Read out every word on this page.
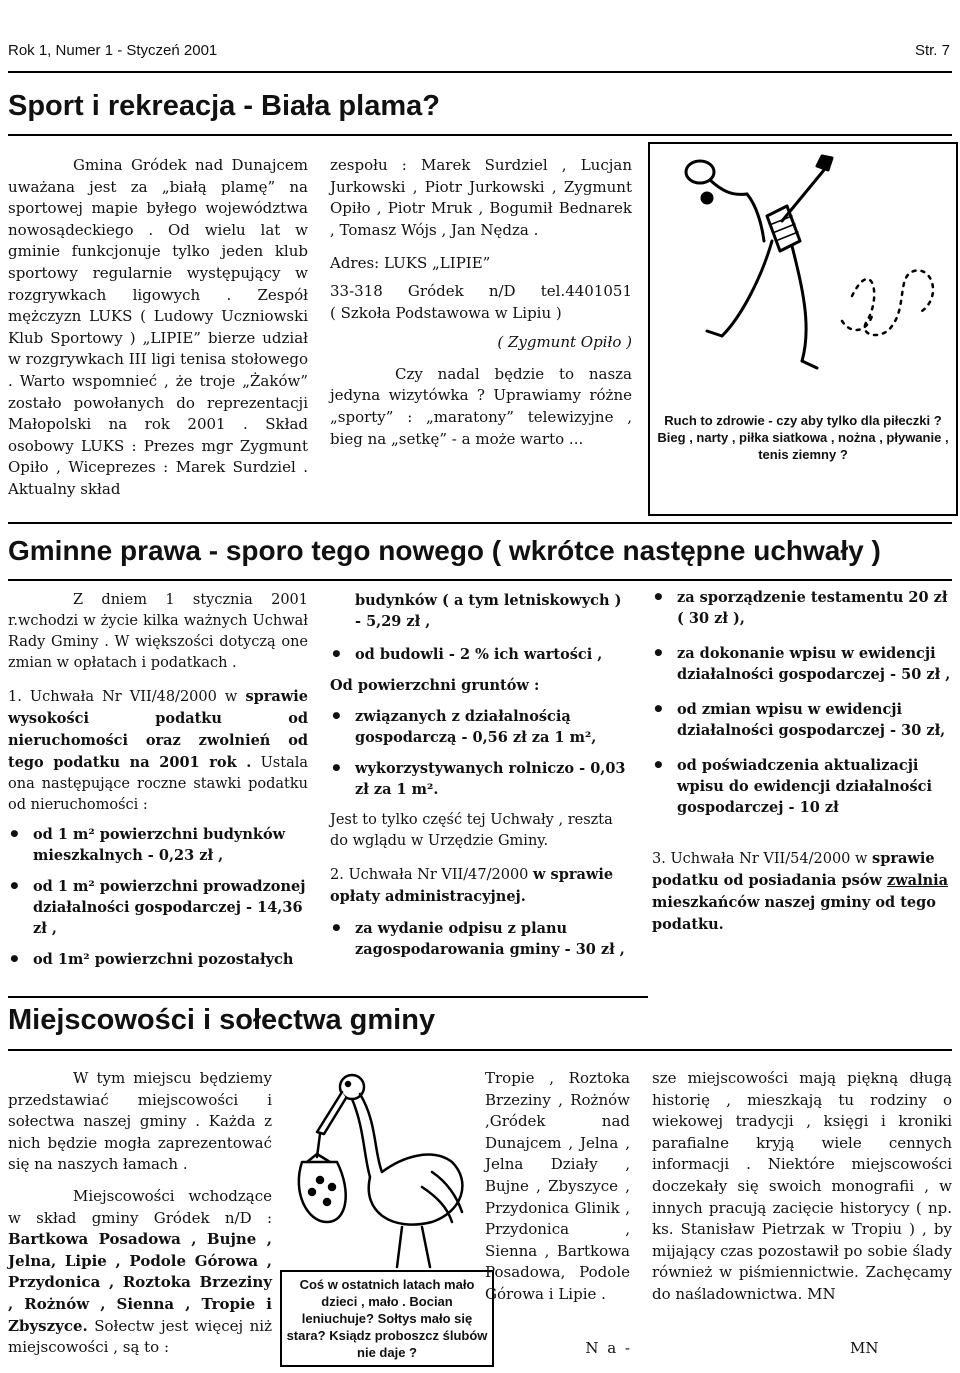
Rok 1, Numer 1 - Styczeń 2001	Str. 7
Sport i rekreacja - Biała plama?
Gmina Gródek nad Dunajcem uważana jest za „białą plamę” na sportowej mapie byłego województwa nowosądeckiego . Od wielu lat w gminie funkcjonuje tylko jeden klub sportowy regularnie występujący w rozgrywkach ligowych . Zespół mężczyzn LUKS ( Ludowy Uczniowski Klub Sportowy ) „LIPIE” bierze udział w rozgrywkach III ligi tenisa stołowego . Warto wspomnieć , że troje „Żaków” zostało powołanych do reprezentacji Małopolski na rok 2001 . Skład osobowy LUKS : Prezes mgr Zygmunt Opiło , Wiceprezes : Marek Surdziel . Aktualny skład

zespołu : Marek Surdziel , Lucjan Jurkowski , Piotr Jurkowski , Zygmunt Opiło , Piotr Mruk , Bogumił Bednarek , Tomasz Wójs , Jan Nędza .

Adres: LUKS „LIPIE”

33-318 Gródek n/D tel.4401051
( Szkoła Podstawowa w Lipiu )
( Zygmunt Opiło )
Czy nadal będzie to nasza jedyna wizytówka ? Uprawiamy różne „sporty” : „maratony” telewizyjne , bieg na „setkę” - a może warto ...
Ruch to zdrowie - czy aby tylko dla piłeczki ? Bieg , narty , piłka siatkowa , nożna , pływanie , tenis ziemny ?
Gminne prawa - sporo tego nowego ( wkrótce następne uchwały )

Z dniem 1 stycznia 2001 r.wchodzi w życie kilka ważnych Uchwał Rady Gminy . W większości dotyczą one zmian w opłatach i podatkach .

1. Uchwała Nr VII/48/2000 w sprawie wysokości podatku od nieruchomości oraz zwolnień od tego podatku na 2001 rok . Ustala ona następujące roczne stawki podatku od nieruchomości :

• od 1 m² powierzchni budynków mieszkalnych - 0,23 zł ,
• od 1 m² powierzchni prowadzonej działalności gospodarczej - 14,36 zł ,
• od 1m² powierzchni pozostałych
budynków ( a tym letniskowych ) - 5,29 zł ,
• od budowli - 2 % ich wartości ,

Od powierzchni gruntów :

• związanych z działalnością gospodarczą - 0,56 zł za 1 m²,
• wykorzystywanych rolniczo - 0,03 zł za 1 m².

Jest to tylko część tej Uchwały , reszta do wglądu w Urzędzie Gminy.

2. Uchwała Nr VII/47/2000 w sprawie opłaty administracyjnej.

• za wydanie odpisu z planu zagospodarowania gminy - 30 zł ,
• za sporządzenie testamentu 20 zł ( 30 zł ),
• za dokonanie wpisu w ewidencji działalności gospodarczej - 50 zł ,
• od zmian wpisu w ewidencji działalności gospodarczej - 30 zł,
• od poświadczenia aktualizacji wpisu do ewidencji działalności gospodarczej - 10 zł

3. Uchwała Nr VII/54/2000 w sprawie podatku od posiadania psów zwalnia mieszkańców naszej gminy od tego podatku.

Miejscowości i sołectwa gminy

W tym miejscu będziemy przedstawiać miejscowości i sołectwa naszej gminy . Każda z nich będzie mogła zaprezentować się na naszych łamach .

Miejscowości wchodzące w skład gminy Gródek n/D : Bartkowa Posadowa , Bujne , Jelna, Lipie , Podole Górowa , Przydonica , Roztoka Brzeziny , Rożnów , Sienna , Tropie i Zbyszyce. Sołectw jest więcej niż miejscowości , są to :

Coś w ostatnich latach mało dzieci , mało . Bocian leniuchuje? Sołtys mało się stara? Ksiądz proboszcz ślubów nie daje ?
Tropie , Roztoka Brzeziny , Rożnów ,Gródek nad Dunajcem , Jelna , Jelna Działy , Bujne , Zbyszyce , Przydonica Glinik , Przydonica , Sienna , Bartkowa Posadowa, Podole Górowa i Lipie .
N a -
sze miejscowości mają piękną długą historię , mieszkają tu rodziny o wiekowej tradycji , księgi i kroniki parafialne kryją wiele cennych informacji . Niektóre miejscowości doczekały się swoich monografii , w innych pracują zacięcie historycy ( np. ks. Stanisław Pietrzak w Tropiu ) , by mijający czas pozostawił po sobie ślady również w piśmiennictwie. Zachęcamy do naśladownictwa. MN
MN
